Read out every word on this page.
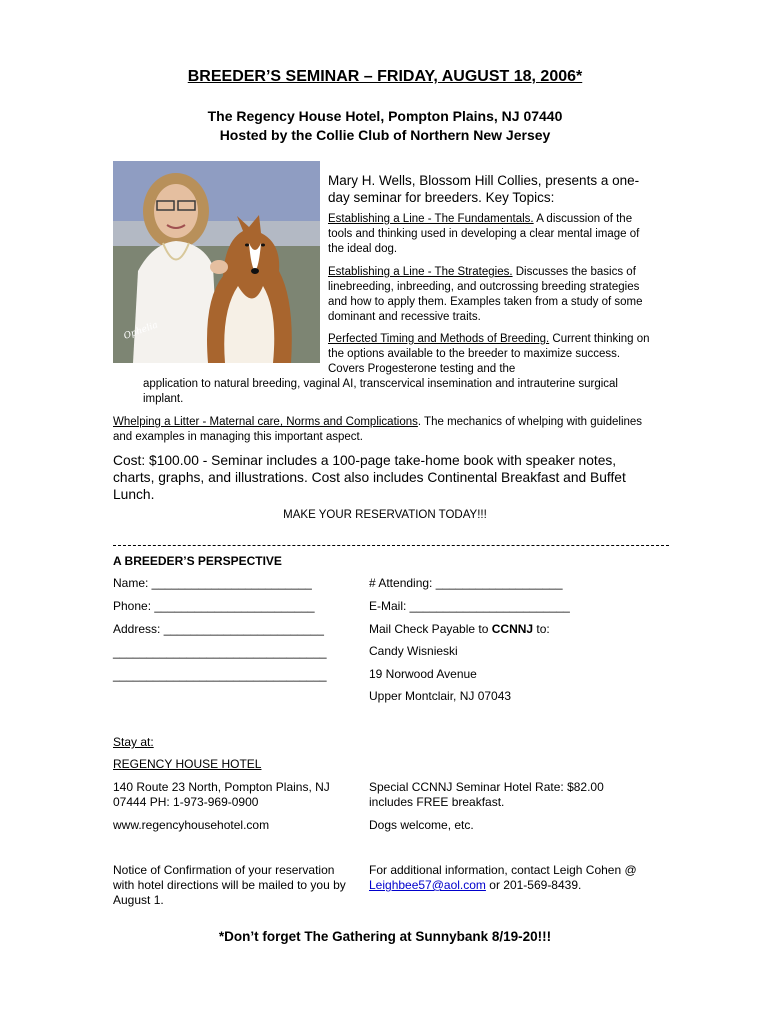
BREEDER’S SEMINAR – FRIDAY, AUGUST 18, 2006*
The Regency House Hotel, Pompton Plains, NJ 07440
Hosted by the Collie Club of Northern New Jersey
Ophelia
Mary H. Wells, Blossom Hill Collies, presents a one-day seminar for breeders. Key Topics:
Establishing a Line - The Fundamentals. A discussion of the tools and thinking used in developing a clear mental image of the ideal dog.
Establishing a Line - The Strategies. Discusses the basics of linebreeding, inbreeding, and outcrossing breeding strategies and how to apply them. Examples taken from a study of some dominant and recessive traits.
Perfected Timing and Methods of Breeding. Current thinking on the options available to the breeder to maximize success. Covers Progesterone testing and the
application to natural breeding, vaginal AI, transcervical insemination and intrauterine surgical implant.
Whelping a Litter - Maternal care, Norms and Complications. The mechanics of whelping with guidelines and examples in managing this important aspect.
Cost: $100.00 - Seminar includes a 100-page take-home book with speaker notes, charts, graphs, and illustrations. Cost also includes Continental Breakfast and Buffet Lunch.
MAKE YOUR RESERVATION TODAY!!!
A BREEDER’S PERSPECTIVE
Name: ________________________
Phone: ________________________
Address: ________________________
________________________________
________________________________
# Attending: ___________________
E-Mail: ________________________
Mail Check Payable to CCNNJ to:
Candy Wisnieski
19 Norwood Avenue
Upper Montclair, NJ 07043
Stay at:
REGENCY HOUSE HOTEL
140 Route 23 North, Pompton Plains, NJ 07444 PH: 1-973-969-0900
www.regencyhousehotel.com
Special CCNNJ Seminar Hotel Rate: $82.00 includes FREE breakfast.
Dogs welcome, etc.
Notice of Confirmation of your reservation with hotel directions will be mailed to you by August 1.
For additional information, contact Leigh Cohen @ Leighbee57@aol.com or 201-569-8439.
*Don’t forget The Gathering at Sunnybank 8/19-20!!!
